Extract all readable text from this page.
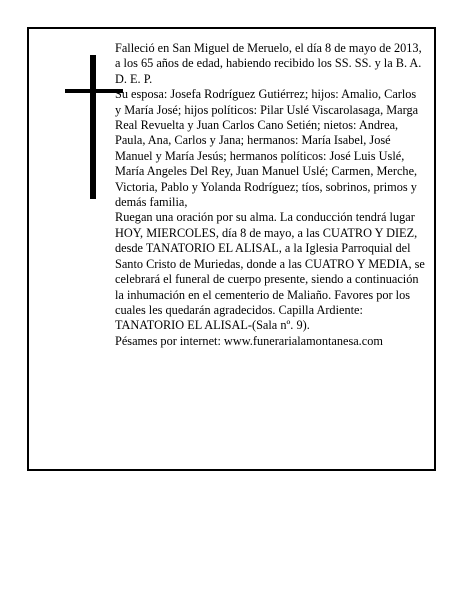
Falleció en San Miguel de Meruelo, el día 8 de mayo de 2013, a los 65 años de edad, habiendo recibido los SS. SS. y la B. A.

D. E. P.

Su esposa: Josefa Rodríguez Gutiérrez; hijos: Amalio, Carlos y María José; hijos políticos: Pilar Uslé Viscarolasaga, Marga Real Revuelta y Juan Carlos Cano Setién; nietos: Andrea, Paula, Ana, Carlos y Jana; hermanos: María Isabel, José Manuel y María Jesús; hermanos políticos: José Luis Uslé, María Angeles Del Rey, Juan Manuel Uslé; Carmen, Merche, Victoria, Pablo y Yolanda Rodríguez; tíos, sobrinos, primos y demás familia,

Ruegan una oración por su alma. La conducción tendrá lugar HOY, MIERCOLES, día 8 de mayo, a las CUATRO Y DIEZ, desde TANATORIO EL ALISAL, a la Iglesia Parroquial del Santo Cristo de Muriedas, donde a las CUATRO Y MEDIA, se celebrará el funeral de cuerpo presente, siendo a continuación la inhumación en el cementerio de Maliaño. Favores por los cuales les quedarán agradecidos. Capilla Ardiente: TANATORIO EL ALISAL-(Sala nº. 9).

Pésames por internet: www.funerarialamontanesa.com
